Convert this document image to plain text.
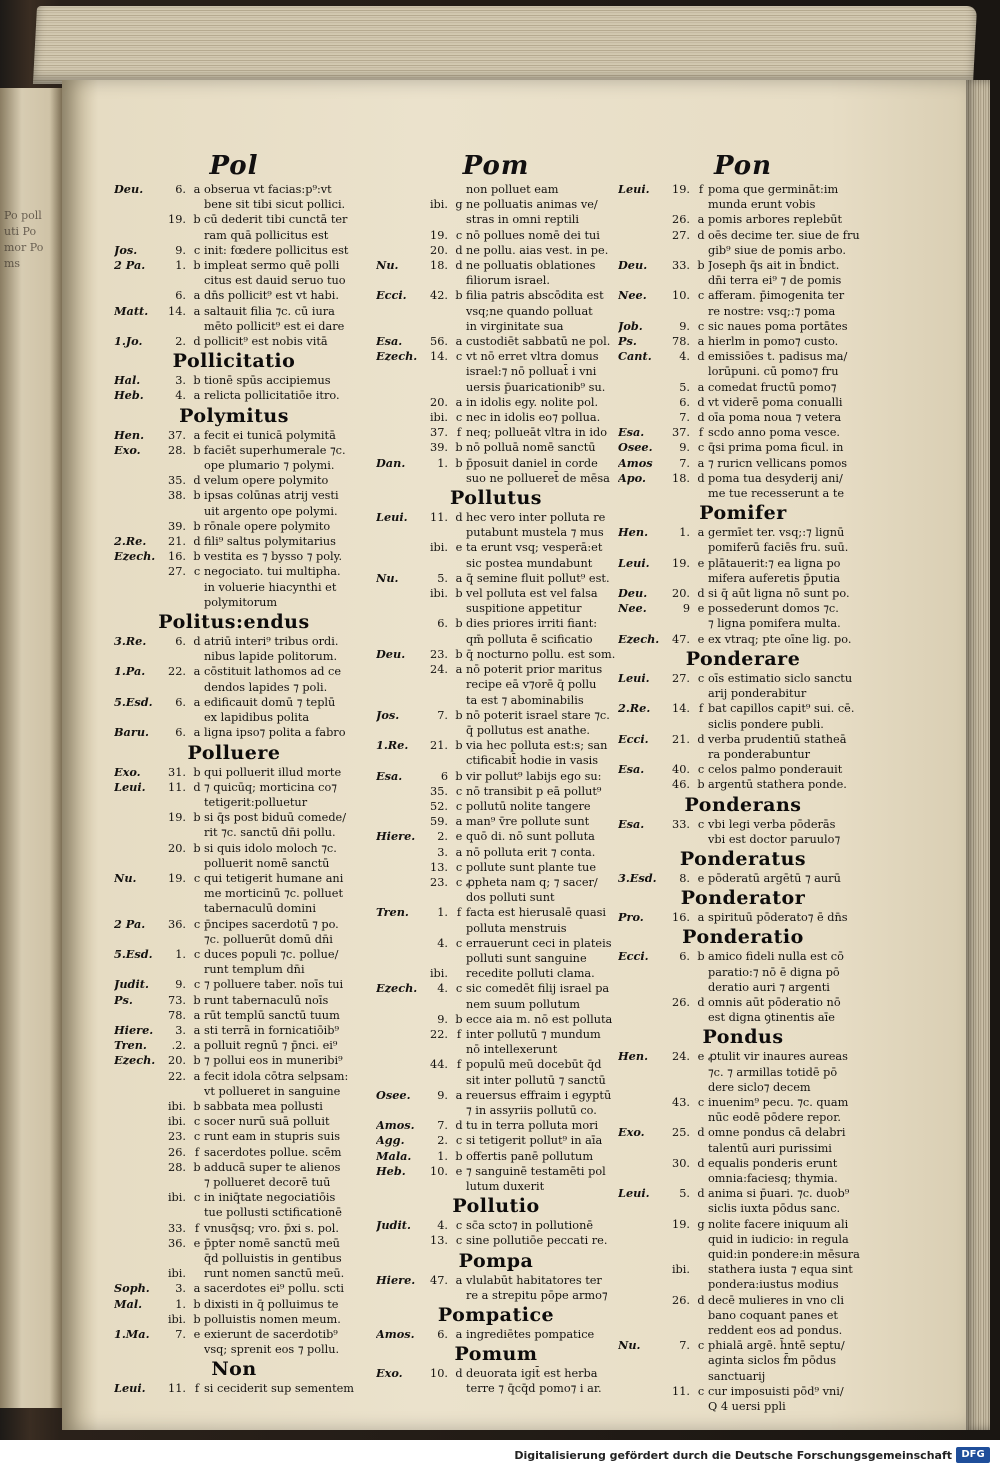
Po polluti Pomor Poms
Pol
Deu.	6. a obserua vt facias:p⁹:vt
bene sit tibi sicut pollici.
19. b cū dederit tibi cunctā ter
ram quā pollicitus est
Jos.	9. c init: fœdere pollicitus est
2 Pa.	1. b impleat sermo quē polli
citus est dauid seruo tuo
6. a dn̄s pollicit⁹ est vt habi.
Matt.	14. a saltauit filia ⁊c. cū iura
mēto pollicit⁹ est ei dare
1.Jo.	2. d pollicit⁹ est nobis vitā
Pollicitatio
Hal.	3. b tionē spūs accipiemus
Heb.	4. a relicta pollicitatiōe itro.
Polymitus
Hen.	37. a fecit ei tunicā polymitā
Exo.	28. b faciēt superhumerale ⁊c.
ope plumario ⁊ polymi.
35. d velum opere polymito
38. b ipsas colūnas atrij vesti
uit argento ope polymi.
39. b rōnale opere polymito
2.Re.	21. d fili⁹ saltus polymitarius
Ezech.	16. b vestita es ⁊ bysso ⁊ poly.
27. c negociato. tui multipha.
in voluerie hiacynthi et
polymitorum
Politus:endus
3.Re.	6. d atriū interi⁹ tribus ordi.
nibus lapide politorum.
1.Pa.	22. a cōstituit lathomos ad ce
dendos lapides ⁊ poli.
5.Esd.	6. a edificauit domū ⁊ teplū
ex lapidibus polita
Baru.	6. a ligna ipso⁊ polita a fabro
Polluere
Exo.	31. b qui polluerit illud morte
Leui.	11. d ⁊ quicūq; morticina co⁊
tetigerit:polluetur
19. b si q̄s post biduū comede/
rit ⁊c. sanctū dn̄i pollu.
20. b si quis idolo moloch ⁊c.
polluerit nomē sanctū
Nu.	19. c qui tetigerit humane ani
me morticinū ⁊c. polluet
tabernaculū domini
2 Pa.	36. c p̄ncipes sacerdotū ⁊ po.
⁊c. polluerūt domū dn̄i
5.Esd.	1. c duces populi ⁊c. pollue/
runt templum dn̄i
Judit.	9. c ⁊ polluere taber. noīs tui
Ps.	73. b runt tabernaculū noīs
78. a rūt templū sanctū tuum
Hiere.	3. a sti terrā in fornicatiōib⁹
Tren.	.2. a polluit regnū ⁊ p̄nci. ei⁹
Ezech.	20. b ⁊ pollui eos in muneribi⁹
22. a fecit idola cōtra selpsam:
vt pollueret in sanguine
ibi. b sabbata mea pollusti
ibi. c socer nurū suā polluit
23. c runt eam in stupris suis
26. f sacerdotes pollue. scēm
28. b adducā super te alienos
⁊ pollueret decorē tuū
ibi. c in iniq̄tate negociatiōis
tue pollusti sctificationē
33. f vnusq̄sq; vro. p̄xi s. pol.
36. e p̄pter nomē sanctū meū
q̄d polluistis in gentibus
ibi.	runt nomen sanctū meū.
Soph.	3. a sacerdotes ei⁹ pollu. scti
Mal.	1. b dixisti in q̄ polluimus te
ibi. b polluistis nomen meum.
1.Ma.	7. e exierunt de sacerdotib⁹
vsq; sprenit eos ⁊ pollu.
Non
Leui.	11. f si ceciderit sup sementem
Pom
non polluet eam
ibi. g ne polluatis animas ve/
stras in omni reptili
19. c nō pollues nomē dei tui
20. d ne pollu. aias vest. in pe.
Nu.	18. d ne polluatis oblationes
filiorum israel.
Ecci.	42. b filia patris abscōdita est
vsq;ne quando polluat
in virginitate sua
Esa.	56. a custodiēt sabbatū ne pol.
Ezech.	14. c vt nō erret vltra domus
israel:⁊ nō polluat̄ i vni
uersis p̄uaricationib⁹ su.
20. a in idolis egy. nolite pol.
ibi. c nec in idolis eo⁊ pollua.
37. f neq; pollueāt vltra in ido
39. b nō polluā nomē sanctū
Dan.	1. b p̄posuit daniel in corde
suo ne pollueret̄ de mēsa
Pollutus
Leui.	11. d hec vero inter polluta re
putabunt mustela ⁊ mus
ibi. e ta erunt vsq; vesperā:et
sic postea mundabunt
Nu.	5. a q̄ semine fluit pollut⁹ est.
ibi. b vel polluta est vel falsa
suspitione appetitur
6. b dies priores irriti fiant:
qm̄ polluta ē scificatio
Deu.	23. b q̄ nocturno pollu. est som.
24. a nō poterit prior maritus
recipe eā v⁊orē q̄ pollu
ta est ⁊ abominabilis
Jos.	7. b nō poterit israel stare ⁊c.
q̄ pollutus est anathe.
1.Re.	21. b via hec polluta est:s; san
ctificabit̄ hodie in vasis
Esa.	6 b vir pollut⁹ labijs ego su:
35. c nō transibit p eā pollut⁹
52. c pollutū nolite tangere
59. a man⁹ v̄re pollute sunt
Hiere.	2. e quō di. nō sunt polluta
3. a nō polluta erit ⁊ conta.
13. c pollute sunt plante tue
23. c ꝓpheta nam q; ⁊ sacer/
dos polluti sunt
Tren.	1. f facta est hierusalē quasi
polluta menstruis
4. c errauerunt ceci in plateis
polluti sunt sanguine
ibi.	recedite polluti clama.
Ezech.	4. c sic comedēt filij israel pa
nem suum pollutum
9. b ecce aia m. nō est polluta
22. f inter pollutū ⁊ mundum
nō intellexerunt
44. f populū meū docebūt q̄d
sit inter pollutū ⁊ sanctū
Osee.	9. a reuersus effraim i egyptū
⁊ in assyriis pollutū co.
Amos.	7. d tu in terra polluta mori
Agg.	2. c si tetigerit pollut⁹ in aīa
Mala.	1. b offertis panē pollutum
Heb.	10. e ⁊ sanguinē testamēti pol
lutum duxerit
Pollutio
Judit.	4. c sc̄a scto⁊ in pollutionē
13. c sine pollutiōe peccati re.
Pompa
Hiere.	47. a vlulabūt habitatores ter
re a strepitu pōpe armo⁊
Pompatice
Amos.	6. a ingrediētes pompatice
Pomum
Exo.	10. d deuorata igit̄ est herba
terre ⁊ q̄cq̄d pomo⁊ i ar.
Pon
Leui.	19. f poma que germināt:im
munda erunt vobis
26. a pomis arbores replebūt
27. d oēs decime ter. siue de fru
gib⁹ siue de pomis arbo.
Deu.	33. b Joseph q̄s ait in b̄ndict.
dn̄i terra ei⁹ ⁊ de pomis
Nee.	10. c afferam. p̄imogenita ter
re nostre: vsq;:⁊ poma
Job.	9. c sic naues poma portātes
Ps.	78. a hierlm in pomo⁊ custo.
Cant.	4. d emissiōes t. padisus ma/
lorūpuni. cū pomo⁊ fru
5. a comedat fructū pomo⁊
6. d vt viderē poma conualli
7. d oīa poma noua ⁊ vetera
Esa.	37. f scdo anno poma vesce.
Osee.	9. c q̄si prima poma ficul. in
Amos	7. a ⁊ ruricn vellicans pomos
Apo.	18. d poma tua desyderij ani/
me tue recesserunt a te
Pomifer
Hen.	1. a germīet ter. vsq;:⁊ lignū
pomiferū faciēs fru. suū.
Leui.	19. e plātauerit:⁊ ea ligna po
mifera auferetis p̄putia
Deu.	20. d si q̄ aūt ligna nō sunt po.
Nee.	9 e possederunt domos ⁊c.
⁊ ligna pomifera multa.
Ezech.	47. e ex vtraq; pte oīne lig. po.
Ponderare
Leui.	27. c oīs estimatio siclo sanctu
arij ponderabitur
2.Re.	14. f bat capillos capit⁹ sui. cē.
siclis pondere publi.
Ecci.	21. d verba prudentiū statheā
ra ponderabuntur
Esa.	40. c celos palmo ponderauit
46. b argentū stathera ponde.
Ponderans
Esa.	33. c vbi legi verba pōderās
vbi est doctor paruulo⁊
Ponderatus
3.Esd.	8. e pōderatū argētū ⁊ aurū
Ponderator
Pro.	16. a spirituū pōderato⁊ ē dn̄s
Ponderatio
Ecci.	6. b amico fideli nulla est cō
paratio:⁊ nō ē digna pō
deratio auri ⁊ argenti
26. d omnis aūt pōderatio nō
est digna ꝯtinentis aīe
Pondus
Hen.	24. e ꝓtulit vir inaures aureas
⁊c. ⁊ armillas totidē pō
dere siclo⁊ decem
43. c inuenim⁹ pecu. ⁊c. quam
nūc eodē pōdere repor.
Exo.	25. d omne pondus cā delabri
talentū auri purissimi
30. d equalis ponderis erunt
omnia:faciesq; thymia.
Leui.	5. d anima si p̄uari. ⁊c. duob⁹
siclis iuxta pōdus sanc.
19. g nolite facere iniquum ali
quid in iudicio: in regula
quid:in pondere:in mēsura
ibi.	stathera iusta ⁊ equa sint
pondera:iustus modius
26. d decē mulieres in vno cli
bano coquant panes et
reddent eos ad pondus.
Nu.	7. c phialā argē. h̄ntē septu/
aginta siclos f̄m pōdus
sanctuarij
11. c cur imposuisti pōd⁹ vni/
Q 4 uersi ppli
Digitalisierung gefördert durch die Deutsche Forschungsgemeinschaft DFG
